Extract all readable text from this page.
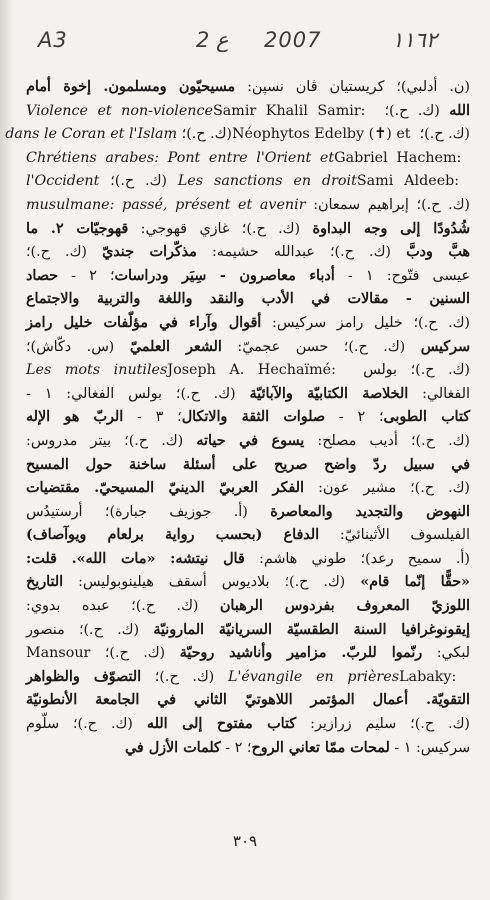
A3	2 ع 2007	١١٦٢
(ن. أدلبي)؛ كريستيان ڤان نسپن: مسيحيّون ومسلمون. إخوة أمام
الله (ك. ح.)؛ Samir Khalil Samir: Violence et non-violence
(ك. ح.)؛ Néophytos Edelby (✝) et (ك. ح.)؛ dans le Coran et l'Islam
Gabriel Hachem: Chrétiens arabes: Pont entre l'Orient et
Sami Aldeeb: Les sanctions en droit (ك. ح.)؛ l'Occident
(ك. ح.)؛ إبراهيم سمعان: musulmane: passé, présent et avenir
شُدُودًا إلى وجه البداوة (ك. ح.)؛ غازي قهوجي: قهوجيّات ٢. ما
هبَّ ودبَّ (ك. ح.)؛ عبدالله حشيمه: مذكّرات جنديّ (ك. ح.)؛
عيسى فتّوح: ١ - أدباء معاصرون - سِيَر ودراسات؛ ٢ - حصاد
السنين - مقالات في الأدب والنقد واللغة والتربية والاجتماع
(ك. ح.)؛ خليل رامز سركيس: أقوال وآراء في مؤلّفات خليل رامز
سركيس (ك. ح.)؛ حسن عجميّ: الشعر العلميّ (س. دكّاش)؛
(ك. ح.)؛ بولس Joseph A. Hechaïmé: Les mots inutiles
الفغالي: الخلاصة الكتابيّة والآبائيّة (ك. ح.)؛ بولس الفغالي: ١ -
كتاب الطوبى؛ ٢ - صلوات الثقة والاتكال؛ ٣ - الربّ هو الإله
(ك. ح.)؛ أديب مصلح: يسوع في حياته (ك. ح.)؛ بيتر مدروس:
في سبيل ردّ واضح صريح على أسئلة ساخنة حول المسيح
(ك. ح.)؛ مشير عون: الفكر العربيّ الدينيّ المسيحيّ. مقتضيات
النهوض والتجديد والمعاصرة (أ. جوزيف جبارة)؛ أرستيدُس
الفيلسوف الأثينائيّ: الدفاع (بحسب رواية برلعام ويوآصاف)
(أ. سميح رعد)؛ طوني هاشم: قال نيتشه: «مات الله». قلت:
«حقًّا إنّما قام» (ك. ح.)؛ بلاديوس أسقف هيلينوبوليس: التاريخ
اللوزيّ المعروف بفردوس الرهبان (ك. ح.)؛ عبده بدوي:
إيقونوغرافيا السنة الطقسيّة السريانيّة المارونيّة (ك. ح.)؛ منصور
لبكي: رنّموا للربّ. مزامير وأناشيد روحيّة (ك. ح.)؛ Mansour
Labaky: L'évangile en prières (ك. ح.)؛ التصوّف والظواهر
التقويّة. أعمال المؤتمر اللاهوتيّ الثاني في الجامعة الأنطونيّة
(ك. ح.)؛ سليم زرازير: كتاب مفتوح إلى الله (ك. ح.)؛ سلّوم
سركيس: ١ - لمحات ممّا تعاني الروح؛ ٢ - كلمات الأزل في
٣٠٩
